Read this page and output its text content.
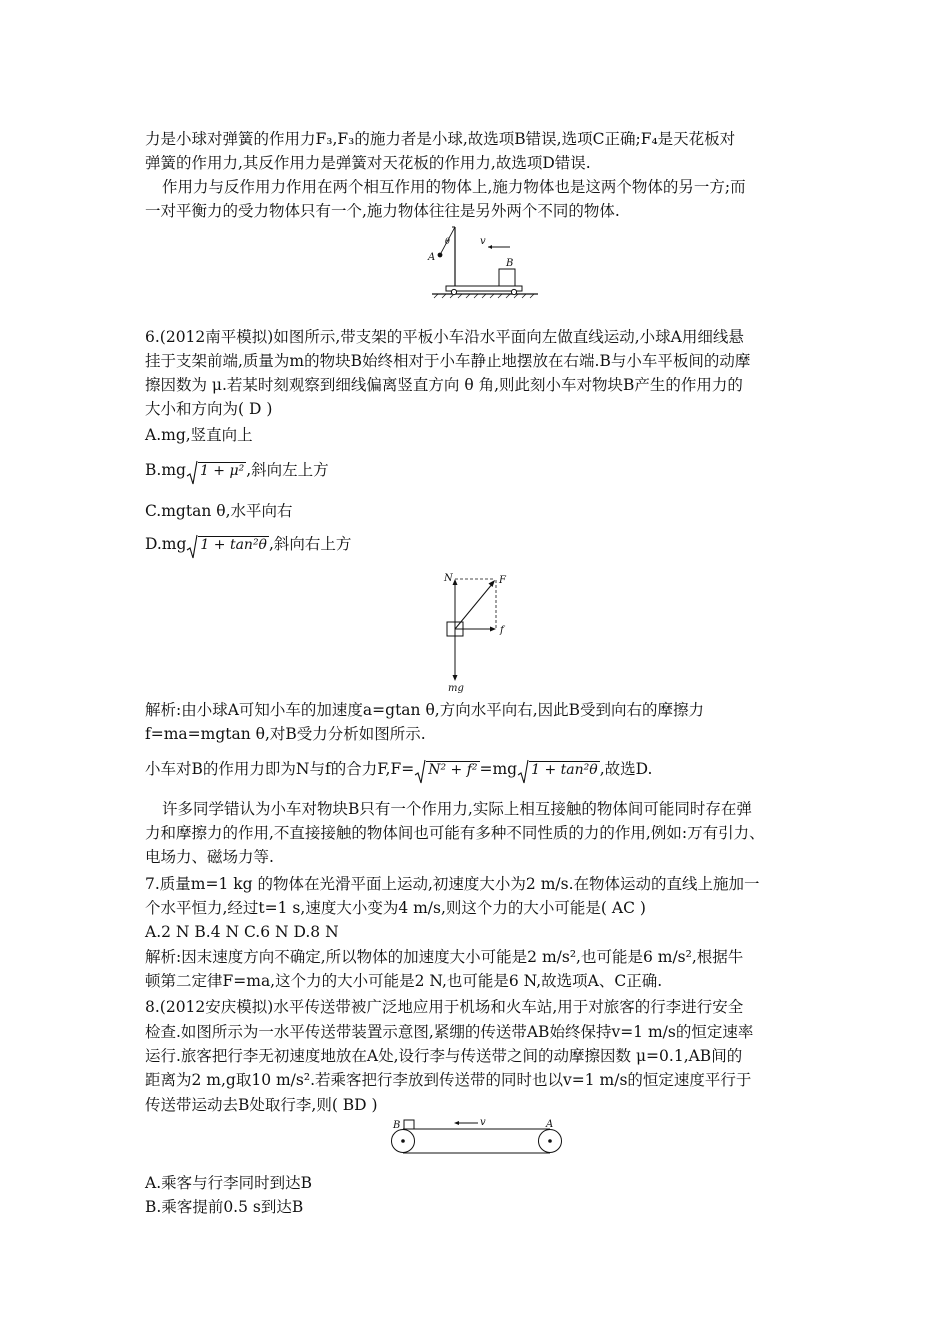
力是小球对弹簧的作用力F₃,F₃的施力者是小球,故选项B错误,选项C正确;F₄是天花板对
弹簧的作用力,其反作用力是弹簧对天花板的作用力,故选项D错误.
作用力与反作用力作用在两个相互作用的物体上,施力物体也是这两个物体的另一方;而
一对平衡力的受力物体只有一个,施力物体往往是另外两个不同的物体.
θ	v
A
B
6.(2012南平模拟)如图所示,带支架的平板小车沿水平面向左做直线运动,小球A用细线悬
挂于支架前端,质量为m的物块B始终相对于小车静止地摆放在右端.B与小车平板间的动摩
擦因数为 μ.若某时刻观察到细线偏离竖直方向 θ 角,则此刻小车对物块B产生的作用力的
大小和方向为( D )
A.mg,竖直向上
B.mg 1 + μ² ,斜向左上方
C.mgtan θ,水平向右
D.mg 1 + tan²θ ,斜向右上方
N	F
f
mg
解析:由小球A可知小车的加速度a=gtan θ,方向水平向右,因此B受到向右的摩擦力
f=ma=mgtan θ,对B受力分析如图所示.
小车对B的作用力即为N与f的合力F,F= N² + f² =mg 1 + tan²θ ,故选D.
许多同学错认为小车对物块B只有一个作用力,实际上相互接触的物体间可能同时存在弹
力和摩擦力的作用,不直接接触的物体间也可能有多种不同性质的力的作用,例如:万有引力、
电场力、磁场力等.
7.质量m=1 kg 的物体在光滑平面上运动,初速度大小为2 m/s.在物体运动的直线上施加一
个水平恒力,经过t=1 s,速度大小变为4 m/s,则这个力的大小可能是( AC )
A.2 N B.4 N C.6 N D.8 N
解析:因末速度方向不确定,所以物体的加速度大小可能是2 m/s²,也可能是6 m/s²,根据牛
顿第二定律F=ma,这个力的大小可能是2 N,也可能是6 N,故选项A、C正确.
8.(2012安庆模拟)水平传送带被广泛地应用于机场和火车站,用于对旅客的行李进行安全
检查.如图所示为一水平传送带装置示意图,紧绷的传送带AB始终保持v=1 m/s的恒定速率
运行.旅客把行李无初速度地放在A处,设行李与传送带之间的动摩擦因数 μ=0.1,AB间的
距离为2 m,g取10 m/s².若乘客把行李放到传送带的同时也以v=1 m/s的恒定速度平行于
传送带运动去B处取行李,则( BD )
B	v	A
A.乘客与行李同时到达B
B.乘客提前0.5 s到达B
